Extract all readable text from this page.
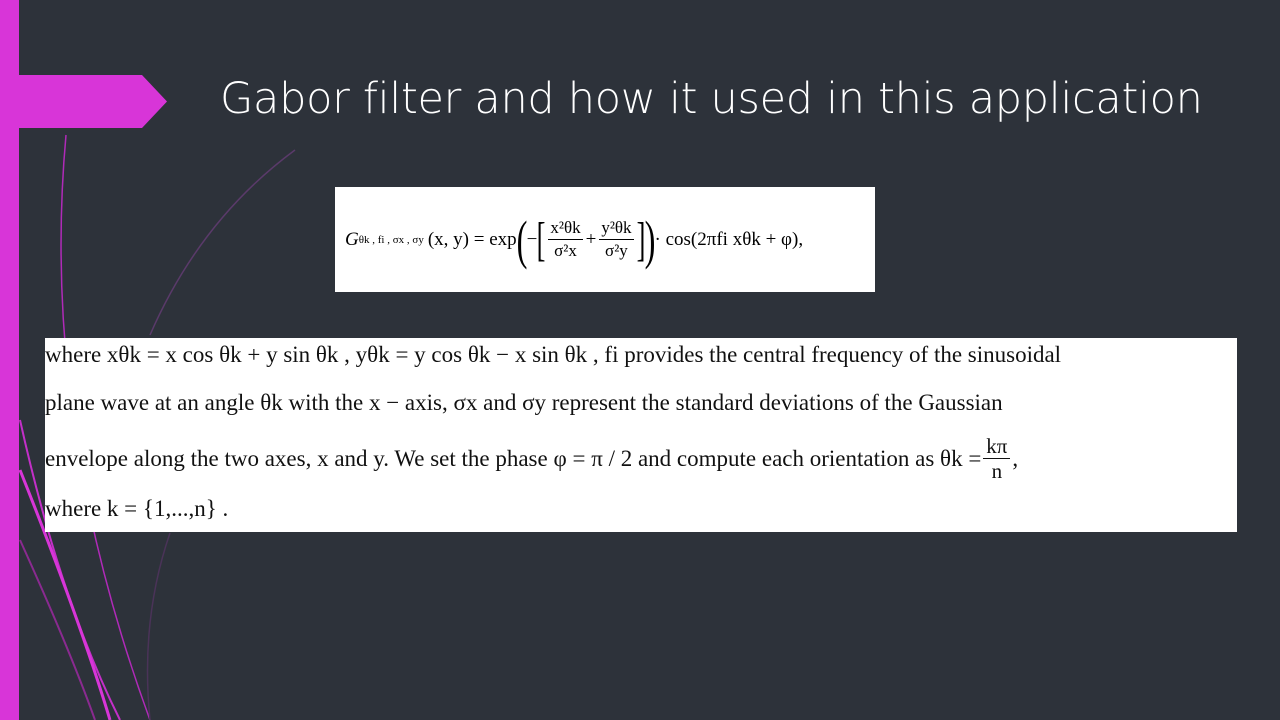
Gabor filter and how it used in this application
G θk , fi , σx , σy (x, y) = exp ( − [ $\frac{\text{x²θk}}{\text{σ²x}} + \frac{\text{y²θk}}{\text{σ²y}}$ ] ) · cos(2πfi xθk + φ),
where xθk = x cos θk + y sin θk , yθk = y cos θk − x sin θk , fi provides the central frequency of the sinusoidal
plane wave at an angle θk with the x − axis, σx and σy represent the standard deviations of the Gaussian
envelope along the two axes, x and y. We set the phase φ = π / 2 and compute each orientation as $\theta k = \frac{k\pi}{n}$ ,
where k = {1,...,n} .
